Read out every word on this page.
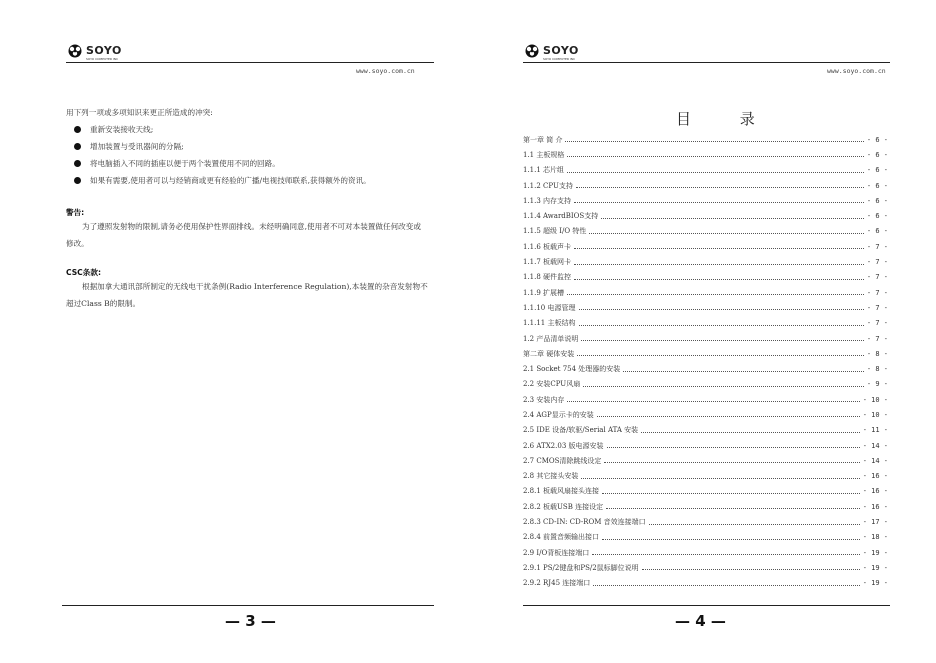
SOYO
SOYO COMPUTER INC
www.soyo.com.cn
用下列一项或多项知识来更正所造成的冲突:
重新安装接收天线;
增加装置与受讯器间的分隔;
将电脑插入不同的插座以便于两个装置使用不同的回路。
如果有需要,使用者可以与经销商或更有经验的广播/电视技师联系,获得额外的资讯。
警告:
为了遵照发射物的限制,请务必使用保护性界面排线。未经明确同意,使用者不可对本装置做任何改变或修改。
CSC条款:
根据加拿大通讯部所制定的无线电干扰条例(Radio Interference Regulation),本装置的杂音发射物不超过Class B的限制。
— 3 —
SOYO
SOYO COMPUTER INC
www.soyo.com.cn
目 录
第一章 简 介	- 6 -
1.1 主板规格	- 6 -
1.1.1 芯片组	- 6 -
1.1.2 CPU支持	- 6 -
1.1.3 内存支持	- 6 -
1.1.4 AwardBIOS支持	- 6 -
1.1.5 超级 I/O 特性	- 6 -
1.1.6 板载声卡	- 7 -
1.1.7 板载网卡	- 7 -
1.1.8 硬件监控	- 7 -
1.1.9 扩展槽	- 7 -
1.1.10 电源管理	- 7 -
1.1.11 主板结构	- 7 -
1.2 产品清单说明	- 7 -
第二章 硬体安装	- 8 -
2.1 Socket 754 处理器的安装	- 8 -
2.2 安装CPU风扇	- 9 -
2.3 安装内存	- 10 -
2.4 AGP显示卡的安装	- 10 -
2.5 IDE 设备/软驱/Serial ATA 安装	- 11 -
2.6 ATX2.03 版电源安装	- 14 -
2.7 CMOS清除跳线设定	- 14 -
2.8 其它接头安装	- 16 -
2.8.1 板载风扇接头连接	- 16 -
2.8.2 板载USB 连接设定	- 16 -
2.8.3 CD-IN: CD-ROM 音效连接端口	- 17 -
2.8.4 前置音频输出接口	- 18 -
2.9 I/O背板连接端口	- 19 -
2.9.1 PS/2键盘和PS/2鼠标脚位说明	- 19 -
2.9.2 RJ45 连接端口	- 19 -
— 4 —
